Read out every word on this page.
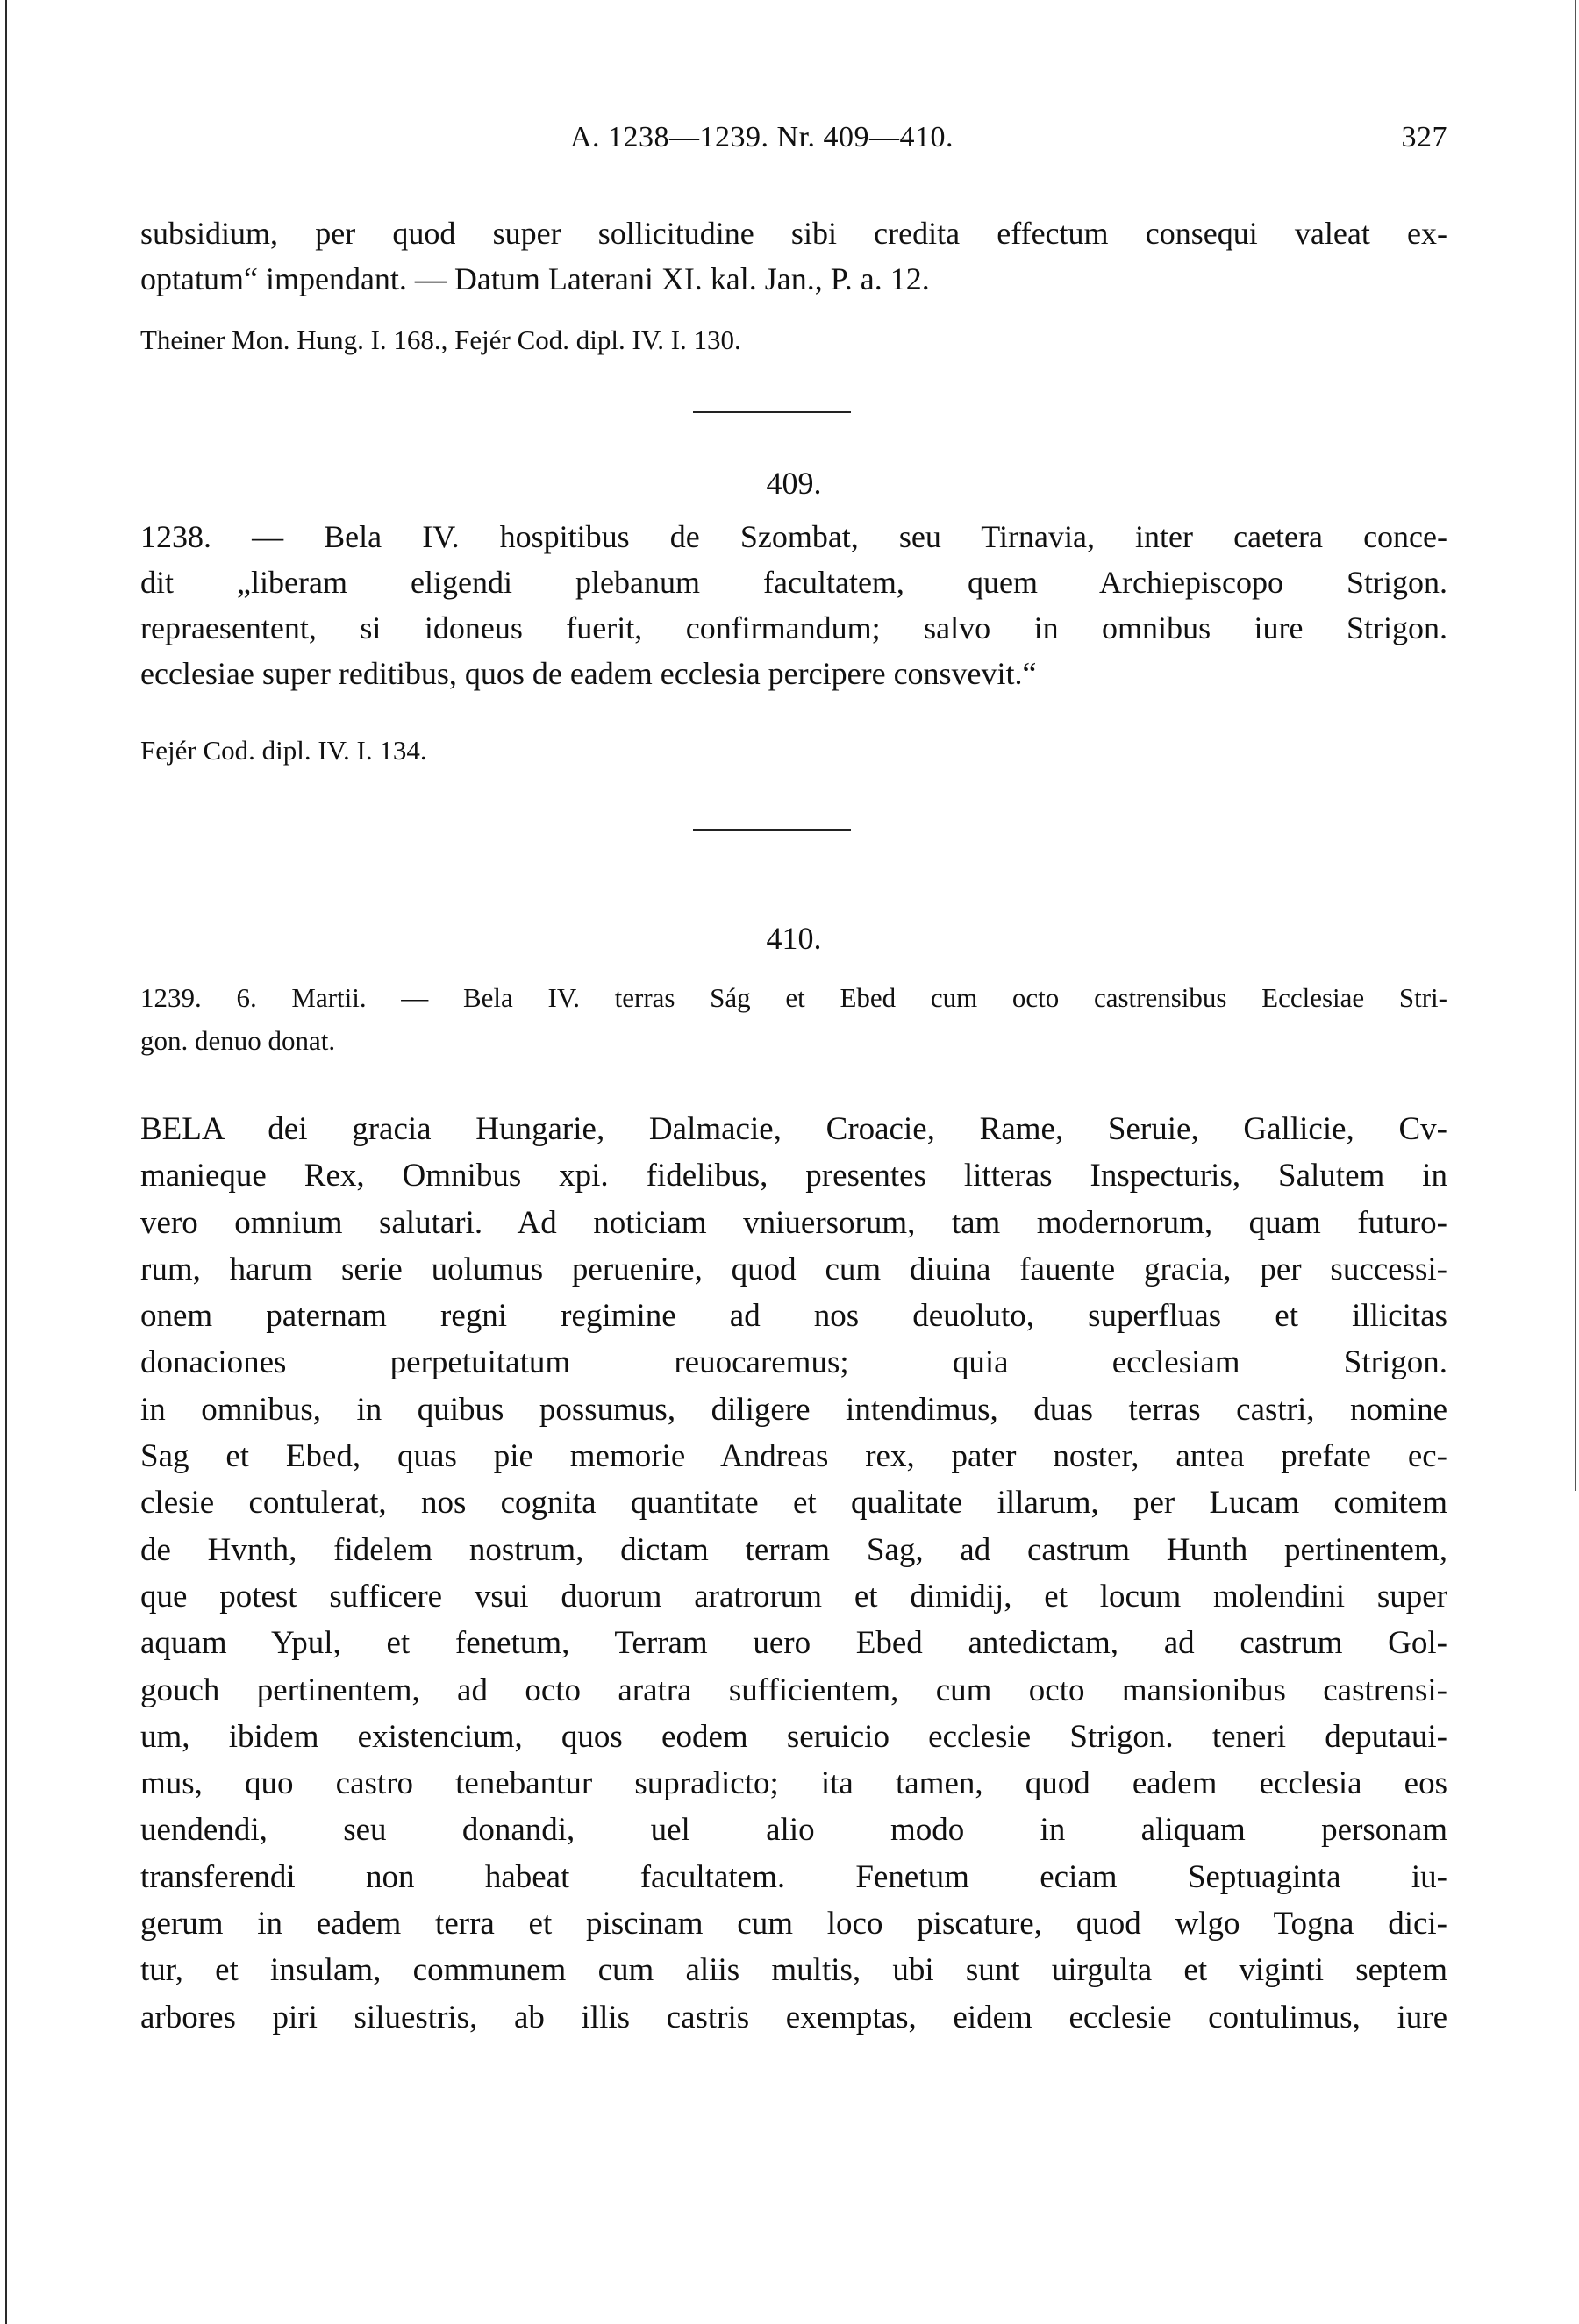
A. 1238—1239. Nr. 409—410.	327

subsidium, per quod super sollicitudine sibi credita effectum consequi valeat ex-
optatum“ impendant. — Datum Laterani XI. kal. Jan., P. a. 12.

Theiner Mon. Hung. I. 168., Fejér Cod. dipl. IV. I. 130.

409.

1238. — Bela IV. hospitibus de Szombat, seu Tirnavia, inter caetera conce-
dit „liberam eligendi plebanum facultatem, quem Archiepiscopo Strigon.
repraesentent, si idoneus fuerit, confirmandum; salvo in omnibus iure Strigon.
ecclesiae super reditibus, quos de eadem ecclesia percipere consvevit.“

Fejér Cod. dipl. IV. I. 134.

410.

1239. 6. Martii. — Bela IV. terras Ság et Ebed cum octo castrensibus Ecclesiae Stri-
gon. denuo donat.

BELA dei gracia Hungarie, Dalmacie, Croacie, Rame, Seruie, Gallicie, Cv-
manieque Rex, Omnibus xpi. fidelibus, presentes litteras Inspecturis, Salutem in
vero omnium salutari. Ad noticiam vniuersorum, tam modernorum, quam futuro-
rum, harum serie uolumus peruenire, quod cum diuina fauente gracia, per successi-
onem paternam regni regimine ad nos deuoluto, superfluas et illicitas
donaciones perpetuitatum reuocaremus; quia ecclesiam Strigon.
in omnibus, in quibus possumus, diligere intendimus, duas terras castri, nomine
Sag et Ebed, quas pie memorie Andreas rex, pater noster, antea prefate ec-
clesie contulerat, nos cognita quantitate et qualitate illarum, per Lucam comitem
de Hvnth, fidelem nostrum, dictam terram Sag, ad castrum Hunth pertinentem,
que potest sufficere vsui duorum aratrorum et dimidij, et locum molendini super
aquam Ypul, et fenetum, Terram uero Ebed antedictam, ad castrum Gol-
gouch pertinentem, ad octo aratra sufficientem, cum octo mansionibus castrensi-
um, ibidem existencium, quos eodem seruicio ecclesie Strigon. teneri deputaui-
mus, quo castro tenebantur supradicto; ita tamen, quod eadem ecclesia eos
uendendi, seu donandi, uel alio modo in aliquam personam
transferendi non habeat facultatem. Fenetum eciam Septuaginta iu-
gerum in eadem terra et piscinam cum loco piscature, quod wlgo Togna dici-
tur, et insulam, communem cum aliis multis, ubi sunt uirgulta et viginti septem
arbores piri siluestris, ab illis castris exemptas, eidem ecclesie contulimus, iure
